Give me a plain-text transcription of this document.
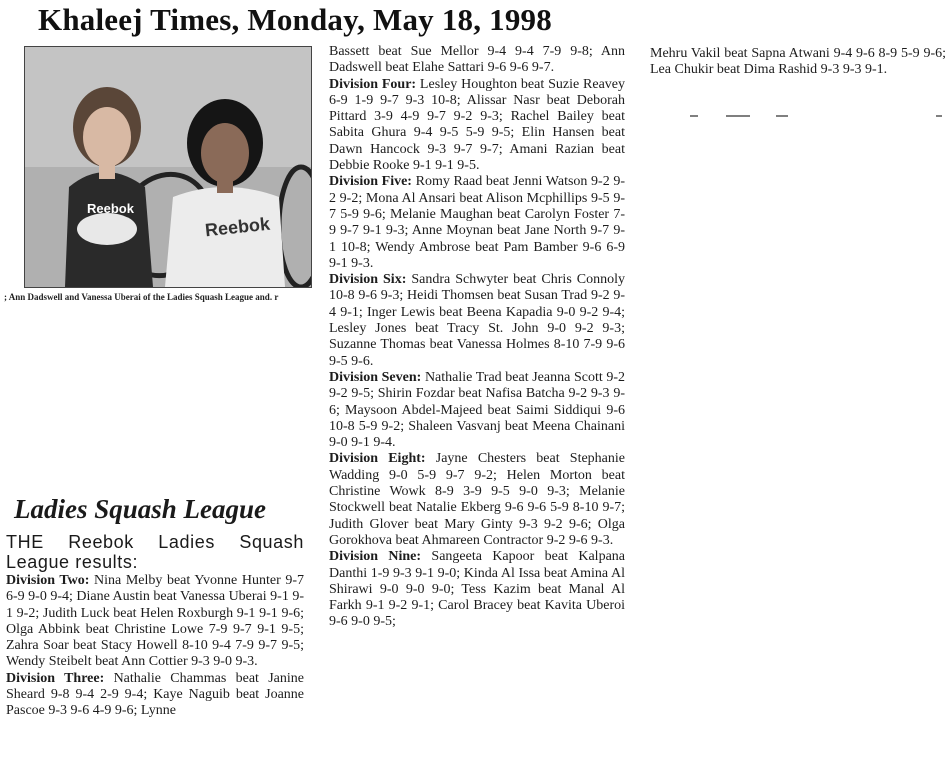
Khaleej Times, Monday, May 18, 1998
Reebok
Reebok
; Ann Dadswell and Vanessa Uberai of the Ladies Squash League and. r
Ladies Squash League
THE Reebok Ladies Squash League results:

Division Two: Nina Melby beat Yvonne Hunter 9-7 6-9 9-0 9-4; Diane Austin beat Vanessa Uberai 9-1 9-1 9-2; Judith Luck beat Helen Roxburgh 9-1 9-1 9-6; Olga Abbink beat Christine Lowe 7-9 9-7 9-1 9-5; Zahra Soar beat Stacy Howell 8-10 9-4 7-9 9-7 9-5; Wendy Steibelt beat Ann Cottier 9-3 9-0 9-3.

Division Three: Nathalie Chammas beat Janine Sheard 9-8 9-4 2-9 9-4; Kaye Naguib beat Joanne Pascoe 9-3 9-6 4-9 9-6; Lynne

Bassett beat Sue Mellor 9-4 9-4 7-9 9-8; Ann Dadswell beat Elahe Sattari 9-6 9-6 9-7.

Division Four: Lesley Houghton beat Suzie Reavey 6-9 1-9 9-7 9-3 10-8; Alissar Nasr beat Deborah Pittard 3-9 4-9 9-7 9-2 9-3; Rachel Bailey beat Sabita Ghura 9-4 9-5 5-9 9-5; Elin Hansen beat Dawn Hancock 9-3 9-7 9-7; Amani Razian beat Debbie Rooke 9-1 9-1 9-5.

Division Five: Romy Raad beat Jenni Watson 9-2 9-2 9-2; Mona Al Ansari beat Alison Mcphillips 9-5 9-7 5-9 9-6; Melanie Maughan beat Carolyn Foster 7-9 9-7 9-1 9-3; Anne Moynan beat Jane North 9-7 9-1 10-8; Wendy Ambrose beat Pam Bamber 9-6 6-9 9-1 9-3.

Division Six: Sandra Schwyter beat Chris Connoly 10-8 9-6 9-3; Heidi Thomsen beat Susan Trad 9-2 9-4 9-1; Inger Lewis beat Beena Kapadia 9-0 9-2 9-4; Lesley Jones beat Tracy St. John 9-0 9-2 9-3; Suzanne Thomas beat Vanessa Holmes 8-10 7-9 9-6 9-5 9-6.

Division Seven: Nathalie Trad beat Jeanna Scott 9-2 9-2 9-5; Shirin Fozdar beat Nafisa Batcha 9-2 9-3 9-6; Maysoon Abdel-Majeed beat Saimi Siddiqui 9-6 10-8 5-9 9-2; Shaleen Vasvanj beat Meena Chainani 9-0 9-1 9-4.

Division Eight: Jayne Chesters beat Stephanie Wadding 9-0 5-9 9-7 9-2; Helen Morton beat Christine Wowk 8-9 3-9 9-5 9-0 9-3; Melanie Stockwell beat Natalie Ekberg 9-6 9-6 5-9 8-10 9-7; Judith Glover beat Mary Ginty 9-3 9-2 9-6; Olga Gorokhova beat Ahmareen Contractor 9-2 9-6 9-3.

Division Nine: Sangeeta Kapoor beat Kalpana Danthi 1-9 9-3 9-1 9-0; Kinda Al Issa beat Amina Al Shirawi 9-0 9-0 9-0; Tess Kazim beat Manal Al Farkh 9-1 9-2 9-1; Carol Bracey beat Kavita Uberoi 9-6 9-0 9-5;

Mehru Vakil beat Sapna Atwani 9-4 9-6 8-9 5-9 9-6; Lea Chukir beat Dima Rashid 9-3 9-3 9-1.
